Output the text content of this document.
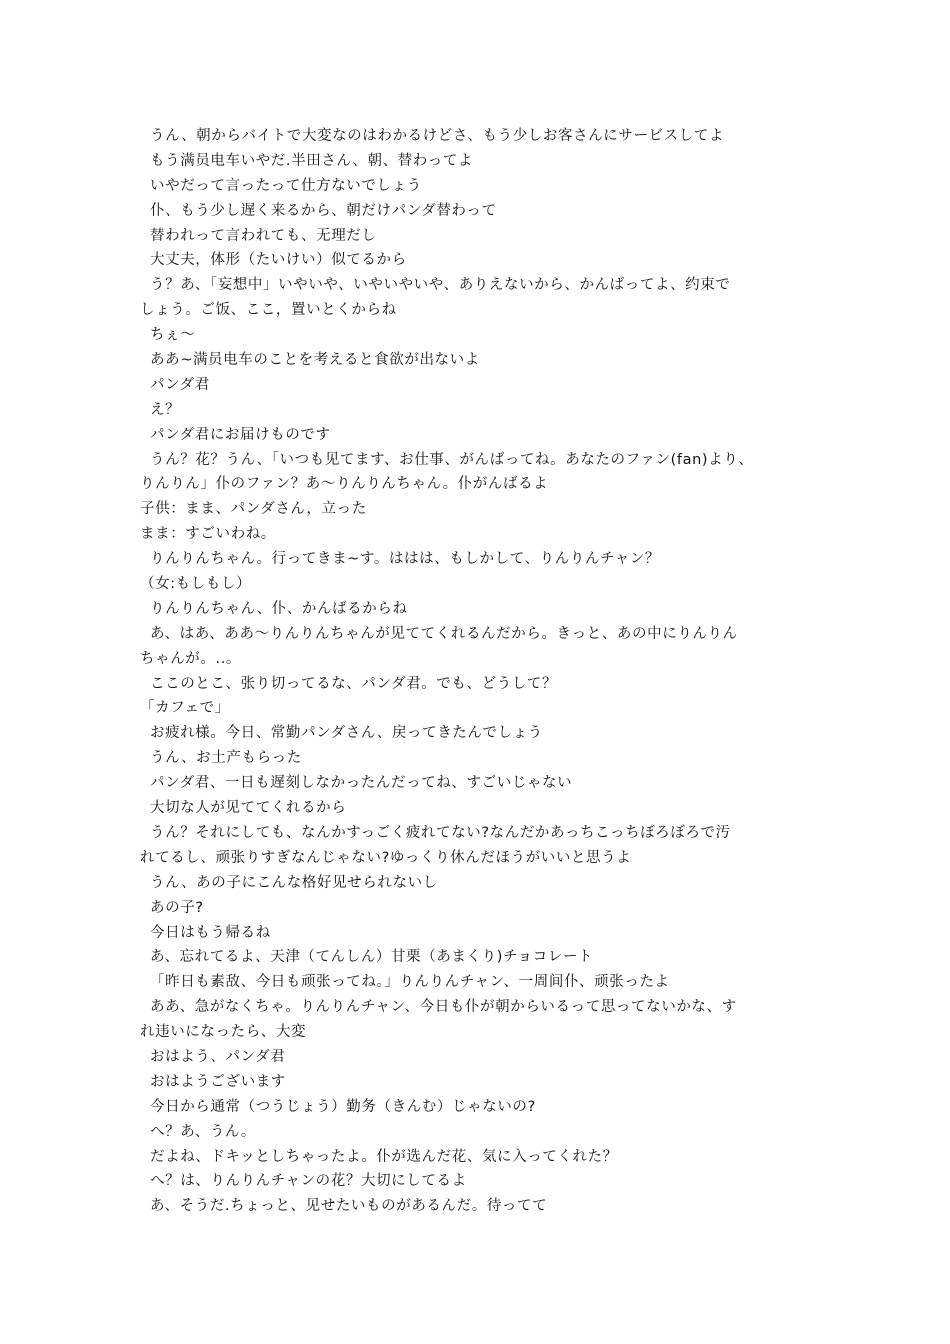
うん、朝からバイトで大変なのはわかるけどさ、もう少しお客さんにサービスしてよ
もう满员电车いやだ.半田さん、朝、替わってよ
いやだって言ったって仕方ないでしょう
仆、もう少し遅く来るから、朝だけパンダ替わって
替われって言われても、无理だし
大丈夫，体形（たいけい）似てるから
う？あ、「妄想中」いやいや、いやいやいや、ありえないから、かんばってよ、约束で
しょう。ご饭、ここ，置いとくからね
ちぇ～
ああ~满员电车のことを考えると食欲が出ないよ
パンダ君
え？
パンダ君にお届けものです
うん？花？うん、「いつも见てます、お仕事、がんばってね。あなたのファン(fan)より、
りんりん」仆のファン？あ～りんりんちゃん。仆がんばるよ
子供：まま、パンダさん，立った
まま：すごいわね。
りんりんちゃん。行ってきま~す。ははは、もしかして、りんりんチャン？
（女:もしもし）
りんりんちゃん、仆、かんばるからね
あ、はあ、ああ～りんりんちゃんが见ててくれるんだから。きっと、あの中にりんりん
ちゃんが。..。
ここのとこ、张り切ってるな、パンダ君。でも、どうして？
「カフェで」
お疲れ様。今日、常勤パンダさん、戻ってきたんでしょう
うん、お土产もらった
パンダ君、一日も遅刻しなかったんだってね、すごいじゃない
大切な人が见ててくれるから
うん？それにしても、なんかすっごく疲れてない?なんだかあっちこっちぼろぼろで汚
れてるし、顽张りすぎなんじゃない?ゆっくり休んだほうがいいと思うよ
うん、あの子にこんな格好见せられないし
あの子?
今日はもう帰るね
あ、忘れてるよ、天津（てんしん）甘栗（あまくり)チョコレート
「昨日も素敌、今日も顽张ってね。」りんりんチャン、一周间仆、顽张ったよ
ああ、急がなくちゃ。りんりんチャン、今日も仆が朝からいるって思ってないかな、す
れ违いになったら、大変
おはよう、パンダ君
おはようございます
今日から通常（つうじょう）勤务（きんむ）じゃないの?
へ？あ、うん。
だよね、ドキッとしちゃったよ。仆が选んだ花、気に入ってくれた？
へ？は、りんりんチャンの花？大切にしてるよ
あ、そうだ.ちょっと、见せたいものがあるんだ。待ってて
